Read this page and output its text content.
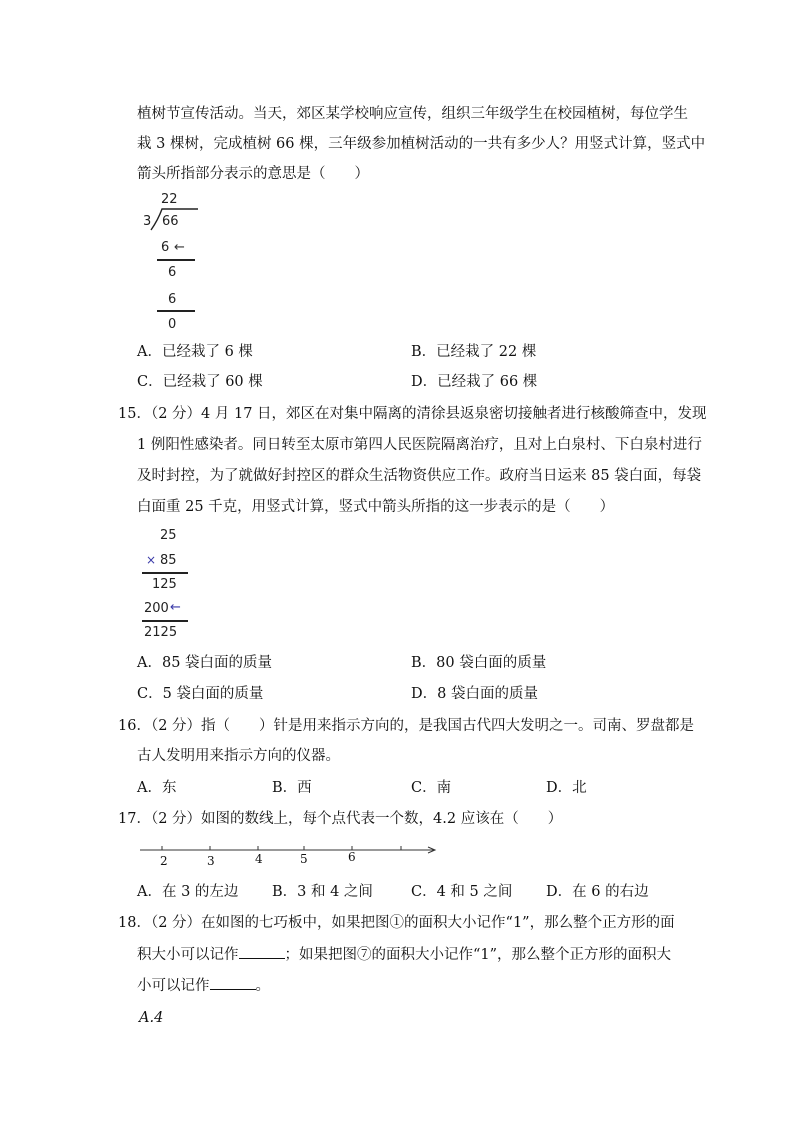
植树节宣传活动。当天，郊区某学校响应宣传，组织三年级学生在校园植树，每位学生
栽 3 棵树，完成植树 66 棵，三年级参加植树活动的一共有多少人？用竖式计算，竖式中
箭头所指部分表示的意思是（　　）
22
3 66
6 ←
6
6
0
A．已经栽了 6 棵	B．已经栽了 22 棵
C．已经栽了 60 棵	D．已经栽了 66 棵
15．（2 分）4 月 17 日，郊区在对集中隔离的清徐县返泉密切接触者进行核酸筛查中，发现
1 例阳性感染者。同日转至太原市第四人民医院隔离治疗，且对上白泉村、下白泉村进行
及时封控，为了就做好封控区的群众生活物资供应工作。政府当日运来 85 袋白面，每袋
白面重 25 千克，用竖式计算，竖式中箭头所指的这一步表示的是（　　）
25
× 85
125
200 ←
2125
A．85 袋白面的质量	B．80 袋白面的质量
C．5 袋白面的质量	D．8 袋白面的质量
16．（2 分）指（　　）针是用来指示方向的，是我国古代四大发明之一。司南、罗盘都是
古人发明用来指示方向的仪器。
A．东	B．西	C．南	D．北
17．（2 分）如图的数线上，每个点代表一个数，4.2 应该在（　　）
2	3	4	5	6
A．在 3 的左边 B．3 和 4 之间	C．4 和 5 之间 D．在 6 的右边
18．（2 分）在如图的七巧板中，如果把图①的面积大小记作“1”，那么整个正方形的面
积大小可以记作	；如果把图⑦的面积大小记作“1”，那么整个正方形的面积大
小可以记作	。
A.4
